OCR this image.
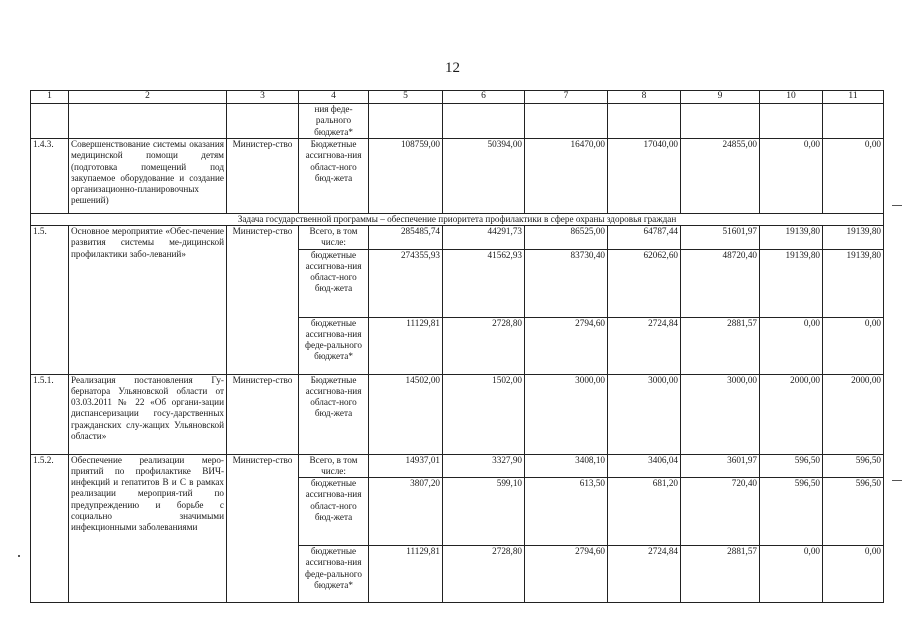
12
1	2	3	4	5	6	7	8	9	10	11
			ния феде-ральнoго бюджета*							
1.4.3.	Совершенствование системы оказания медицинской помощи детям (подготовка помещений под закупаемое оборудование и создание организационно-планировочных решений)	Министер-ство	Бюджетные ассигнова-ния област-ного бюд-жета	108759,00	50394,00	16470,00	17040,00	24855,00	0,00	0,00
Задача государственной программы – обеспечение приоритета профилактики в сфере охраны здоровья граждан										
1.5.	Основное мероприятие «Обес-печение развития системы ме-дицинской профилактики забо-леваний»	Министер-ство	Всего, в том числе:	285485,74	44291,73	86525,00	64787,44	51601,97	19139,80	19139,80
			бюджетные ассигнова-ния област-ного бюд-жета	274355,93	41562,93	83730,40	62062,60	48720,40	19139,80	19139,80
			бюджетные ассигнова-ния феде-рального бюджета*	11129,81	2728,80	2794,60	2724,84	2881,57	0,00	0,00
1.5.1.	Реализация постановления Гу-бернатора Ульяновской области от 03.03.2011 № 22 «Об органи-зации диспансеризации госу-дарственных гражданских слу-жащих Ульяновской области»	Министер-ство	Бюджетные ассигнова-ния област-ного бюд-жета	14502,00	1502,00	3000,00	3000,00	3000,00	2000,00	2000,00
1.5.2.	Обеспечение реализации меро-приятий по профилактике ВИЧ-инфекций и гепатитов В и С в рамках реализации мероприя-тий по предупреждению и борьбе с социально значимыми инфекционными заболеваниями	Министер-ство	Всего, в том числе:	14937,01	3327,90	3408,10	3406,04	3601,97	596,50	596,50
			бюджетные ассигнова-ния област-ного бюд-жета	3807,20	599,10	613,50	681,20	720,40	596,50	596,50
			бюджетные ассигнова-ния феде-рального бюджета*	11129,81	2728,80	2794,60	2724,84	2881,57	0,00	0,00
